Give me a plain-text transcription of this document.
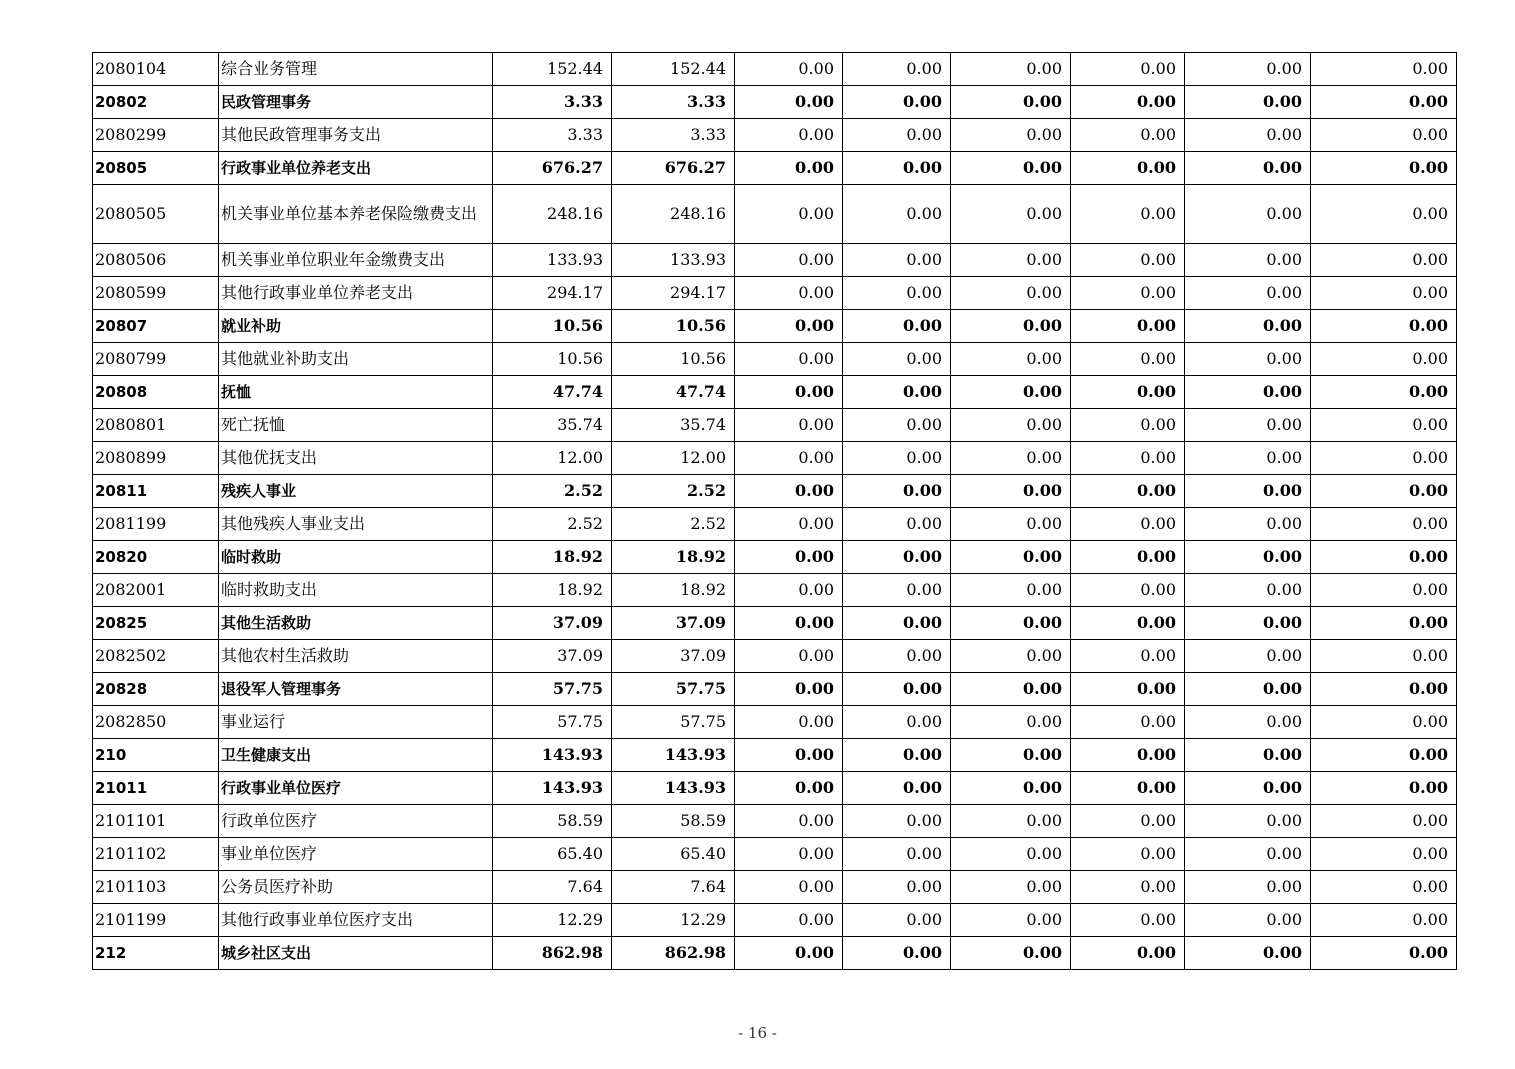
2080104	综合业务管理	152.44	152.44	0.00	0.00	0.00	0.00	0.00	0.00
20802	民政管理事务	3.33	3.33	0.00	0.00	0.00	0.00	0.00	0.00
2080299	其他民政管理事务支出	3.33	3.33	0.00	0.00	0.00	0.00	0.00	0.00
20805	行政事业单位养老支出	676.27	676.27	0.00	0.00	0.00	0.00	0.00	0.00
2080505	机关事业单位基本养老保险缴费支出	248.16	248.16	0.00	0.00	0.00	0.00	0.00	0.00
2080506	机关事业单位职业年金缴费支出	133.93	133.93	0.00	0.00	0.00	0.00	0.00	0.00
2080599	其他行政事业单位养老支出	294.17	294.17	0.00	0.00	0.00	0.00	0.00	0.00
20807	就业补助	10.56	10.56	0.00	0.00	0.00	0.00	0.00	0.00
2080799	其他就业补助支出	10.56	10.56	0.00	0.00	0.00	0.00	0.00	0.00
20808	抚恤	47.74	47.74	0.00	0.00	0.00	0.00	0.00	0.00
2080801	死亡抚恤	35.74	35.74	0.00	0.00	0.00	0.00	0.00	0.00
2080899	其他优抚支出	12.00	12.00	0.00	0.00	0.00	0.00	0.00	0.00
20811	残疾人事业	2.52	2.52	0.00	0.00	0.00	0.00	0.00	0.00
2081199	其他残疾人事业支出	2.52	2.52	0.00	0.00	0.00	0.00	0.00	0.00
20820	临时救助	18.92	18.92	0.00	0.00	0.00	0.00	0.00	0.00
2082001	临时救助支出	18.92	18.92	0.00	0.00	0.00	0.00	0.00	0.00
20825	其他生活救助	37.09	37.09	0.00	0.00	0.00	0.00	0.00	0.00
2082502	其他农村生活救助	37.09	37.09	0.00	0.00	0.00	0.00	0.00	0.00
20828	退役军人管理事务	57.75	57.75	0.00	0.00	0.00	0.00	0.00	0.00
2082850	事业运行	57.75	57.75	0.00	0.00	0.00	0.00	0.00	0.00
210	卫生健康支出	143.93	143.93	0.00	0.00	0.00	0.00	0.00	0.00
21011	行政事业单位医疗	143.93	143.93	0.00	0.00	0.00	0.00	0.00	0.00
2101101	行政单位医疗	58.59	58.59	0.00	0.00	0.00	0.00	0.00	0.00
2101102	事业单位医疗	65.40	65.40	0.00	0.00	0.00	0.00	0.00	0.00
2101103	公务员医疗补助	7.64	7.64	0.00	0.00	0.00	0.00	0.00	0.00
2101199	其他行政事业单位医疗支出	12.29	12.29	0.00	0.00	0.00	0.00	0.00	0.00
212	城乡社区支出	862.98	862.98	0.00	0.00	0.00	0.00	0.00	0.00
- 16 -
